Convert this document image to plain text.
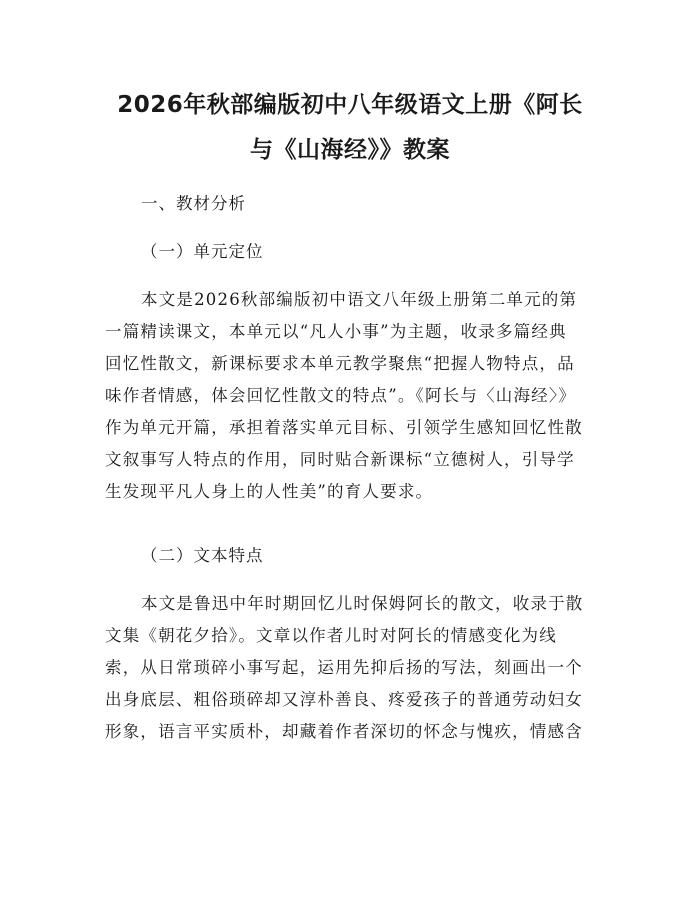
2026年秋部编版初中八年级语文上册《阿长
与《山海经》》教案

一、教材分析

（一）单元定位

本文是2026秋部编版初中语文八年级上册第二单元的第

一篇精读课文，本单元以“凡人小事”为主题，收录多篇经典

回忆性散文，新课标要求本单元教学聚焦“把握人物特点，品

味作者情感，体会回忆性散文的特点”。《阿长与〈山海经〉》

作为单元开篇，承担着落实单元目标、引领学生感知回忆性散

文叙事写人特点的作用，同时贴合新课标“立德树人，引导学

生发现平凡人身上的人性美”的育人要求。

（二）文本特点

本文是鲁迅中年时期回忆儿时保姆阿长的散文，收录于散

文集《朝花夕拾》。文章以作者儿时对阿长的情感变化为线

索，从日常琐碎小事写起，运用先抑后扬的写法，刻画出一个

出身底层、粗俗琐碎却又淳朴善良、疼爱孩子的普通劳动妇女

形象，语言平实质朴，却藏着作者深切的怀念与愧疚，情感含
